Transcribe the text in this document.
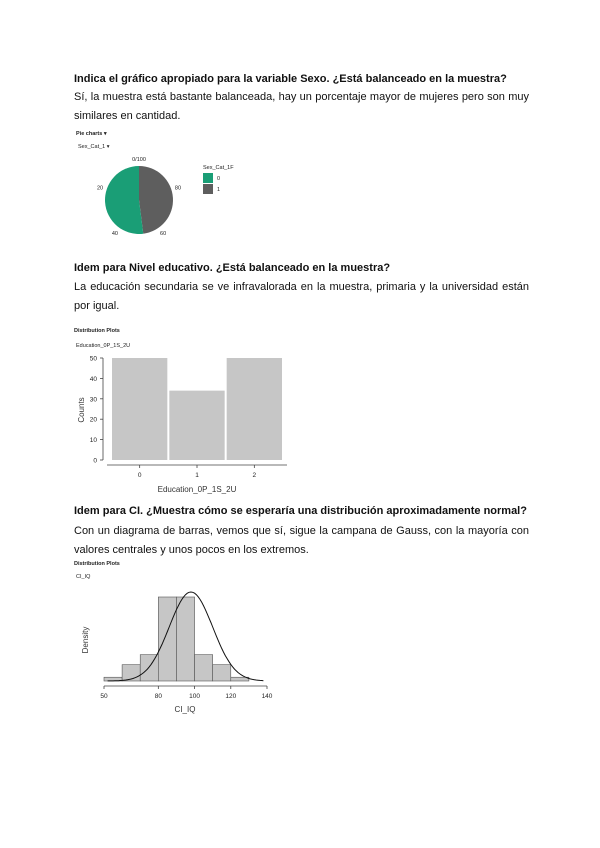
Indica el gráfico apropiado para la variable Sexo. ¿Está balanceado en la muestra?
Sí, la muestra está bastante balanceada, hay un porcentaje mayor de mujeres pero son muy similares en cantidad.
Pie charts ▾
Sex_Cat_1 ▾
0/100
80
60
40
20
Sex_Cat_1F
0
1
Idem para Nivel educativo. ¿Está balanceado en la muestra?
La educación secundaria se ve infravalorada en la muestra, primaria y la universidad están por igual.
Distribution Plots
Education_0P_1S_2U
0
10
20
30
40
50
0	1	2
Education_0P_1S_2U
Counts
Idem para CI. ¿Muestra cómo se esperaría una distribución aproximadamente normal?
Con un diagrama de barras, vemos que sí, sigue la campana de Gauss, con la mayoría con valores centrales y unos pocos en los extremos.
Distribution Plots
CI_IQ
50	80	100	120	140
CI_IQ
Density
